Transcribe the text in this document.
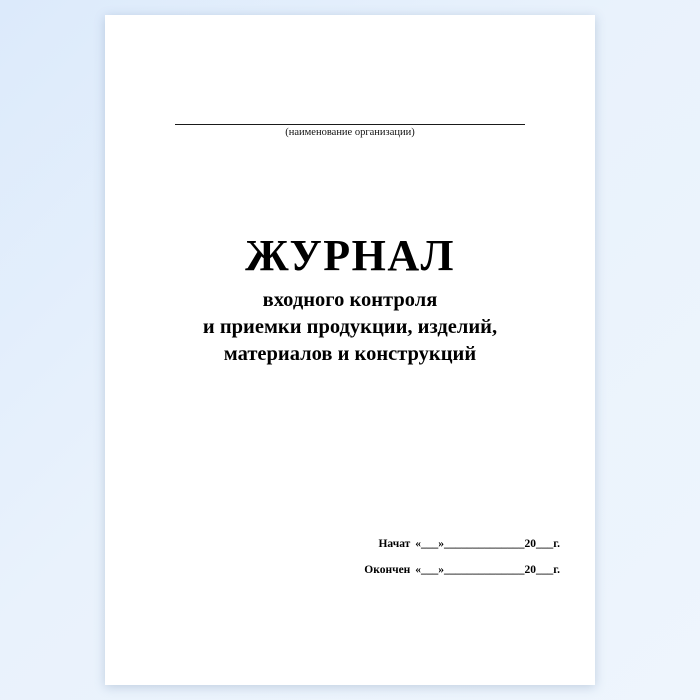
(наименование организации)
ЖУРНАЛ
входного контроля
и приемки продукции, изделий,
материалов и конструкций
Начат «___»______________20___г.
Окончен «___»______________20___г.
